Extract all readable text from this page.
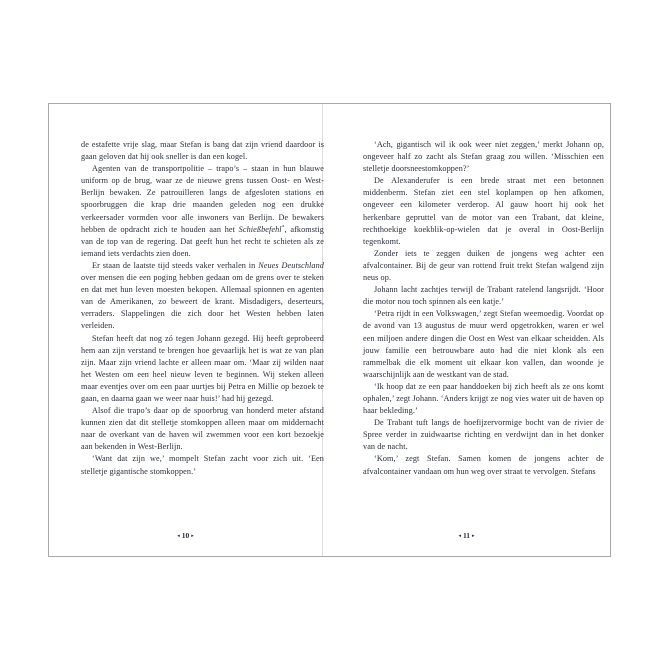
de estafette vrije slag, maar Stefan is bang dat zijn vriend daardoor is gaan geloven dat hij ook sneller is dan een kogel.

Agenten van de transportpolitie – trapo’s – staan in hun blauwe uniform op de brug, waar ze de nieuwe grens tussen Oost- en West-Berlijn bewaken. Ze patrouilleren langs de afgesloten stations en spoorbruggen die krap drie maanden geleden nog een drukke verkeersader vormden voor alle inwoners van Berlijn. De bewakers hebben de opdracht zich te houden aan het Schießbefehl*, afkomstig van de top van de regering. Dat geeft hun het recht te schieten als ze iemand iets verdachts zien doen.

Er staan de laatste tijd steeds vaker verhalen in Neues Deutschland over mensen die een poging hebben gedaan om de grens over te steken en dat met hun leven moesten bekopen. Allemaal spionnen en agenten van de Amerikanen, zo beweert de krant. Misdadigers, deserteurs, verraders. Slappelingen die zich door het Westen hebben laten verleiden.

Stefan heeft dat nog zó tegen Johann gezegd. Hij heeft geprobeerd hem aan zijn verstand te brengen hoe gevaarlijk het is wat ze van plan zijn. Maar zijn vriend lachte er alleen maar om. ‘Maar zij wilden naar het Westen om een heel nieuw leven te beginnen. Wij steken alleen maar eventjes over om een paar uurtjes bij Petra en Millie op bezoek te gaan, en daarna gaan we weer naar huis!’ had hij gezegd.

Alsof die trapo’s daar op de spoorbrug van honderd meter afstand kunnen zien dat dit stelletje stomkoppen alleen maar om middernacht naar de overkant van de haven wil zwemmen voor een kort bezoekje aan bekenden in West-Berlijn.

‘Want dat zijn we,’ mompelt Stefan zacht voor zich uit. ‘Een stelletje gigantische stomkoppen.’

◂ 10 ▸

‘Ach, gigantisch wil ik ook weer niet zeggen,’ merkt Johann op, ongeveer half zo zacht als Stefan graag zou willen. ‘Misschien een stelletje doorsneestomkoppen?’

De Alexanderufer is een brede straat met een betonnen middenberm. Stefan ziet een stel koplampen op hen afkomen, ongeveer een kilometer verderop. Al gauw hoort hij ook het herkenbare gepruttel van de motor van een Trabant, dat kleine, rechthoekige koekblik-op-wielen dat je overal in Oost-Berlijn tegenkomt.

Zonder iets te zeggen duiken de jongens weg achter een afvalcontainer. Bij de geur van rottend fruit trekt Stefan walgend zijn neus op.

Johann lacht zachtjes terwijl de Trabant ratelend langsrijdt. ‘Hoor die motor nou toch spinnen als een katje.’

‘Petra rijdt in een Volkswagen,’ zegt Stefan weemoedig. Voordat op de avond van 13 augustus de muur werd opgetrokken, waren er wel een miljoen andere dingen die Oost en West van elkaar scheidden. Als jouw familie een betrouwbare auto had die niet klonk als een rammelbak die elk moment uit elkaar kon vallen, dan woonde je waarschijnlijk aan de westkant van de stad.

‘Ik hoop dat ze een paar handdoeken bij zich heeft als ze ons komt ophalen,’ zegt Johann. ‘Anders krijgt ze nog vies water uit de haven op haar bekleding.’

De Trabant tuft langs de hoefijzervormige bocht van de rivier de Spree verder in zuidwaartse richting en verdwijnt dan in het donker van de nacht.

‘Kom,’ zegt Stefan. Samen komen de jongens achter de afvalcontainer vandaan om hun weg over straat te vervolgen. Stefans

◂ 11 ▸
